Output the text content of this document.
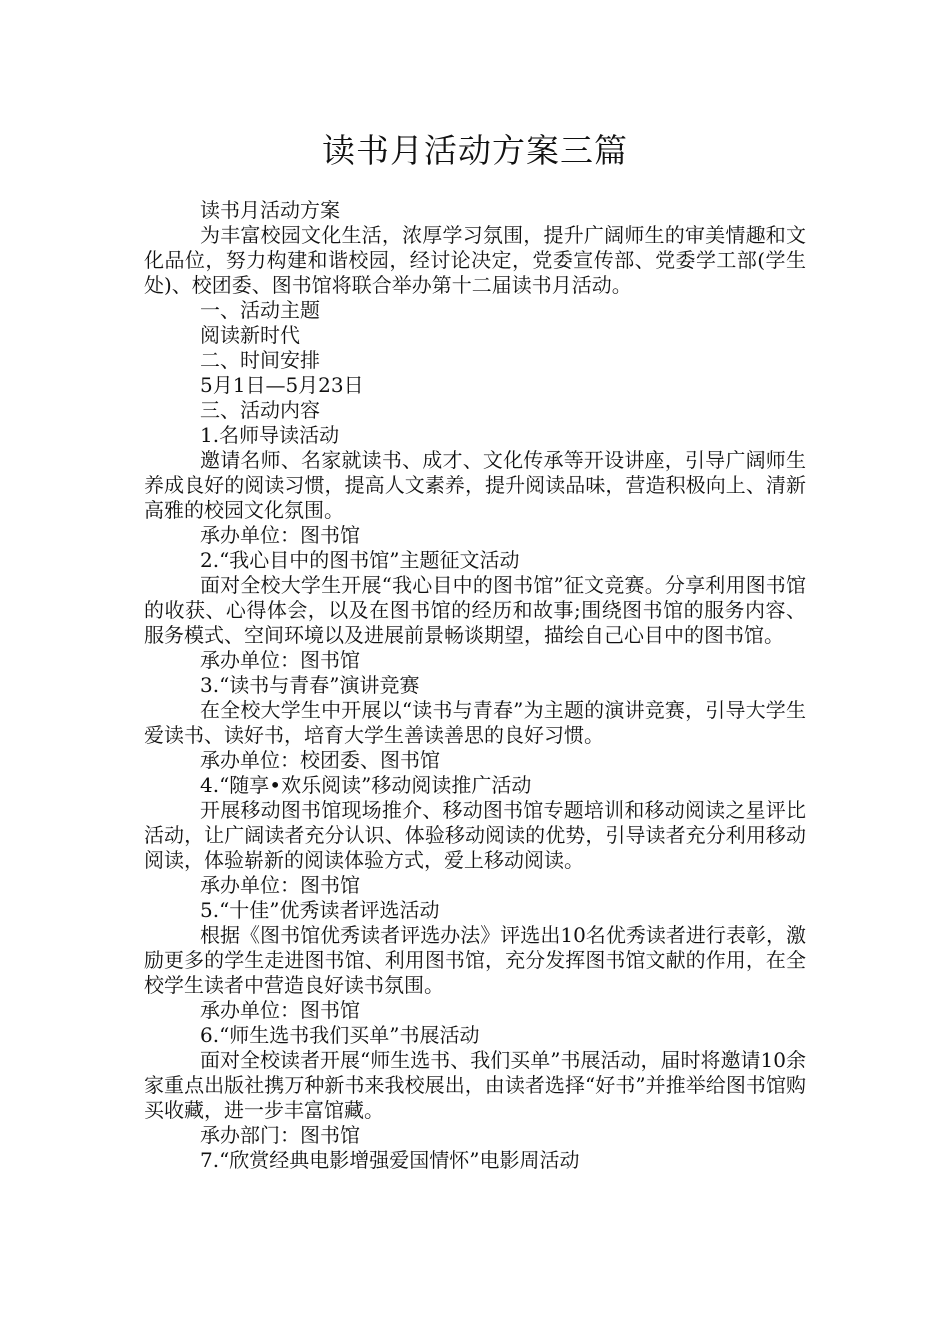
读书月活动方案三篇

读书月活动方案

为丰富校园文化生活，浓厚学习氛围，提升广阔师生的审美情趣和文化品位，努力构建和谐校园，经讨论决定，党委宣传部、党委学工部(学生处)、校团委、图书馆将联合举办第十二届读书月活动。

一、活动主题

阅读新时代

二、时间安排

5月1日—5月23日

三、活动内容

1.名师导读活动

邀请名师、名家就读书、成才、文化传承等开设讲座，引导广阔师生养成良好的阅读习惯，提高人文素养，提升阅读品味，营造积极向上、清新高雅的校园文化氛围。

承办单位：图书馆

2.“我心目中的图书馆”主题征文活动

面对全校大学生开展“我心目中的图书馆”征文竞赛。分享利用图书馆的收获、心得体会，以及在图书馆的经历和故事;围绕图书馆的服务内容、服务模式、空间环境以及进展前景畅谈期望，描绘自己心目中的图书馆。

承办单位：图书馆

3.“读书与青春”演讲竞赛

在全校大学生中开展以“读书与青春”为主题的演讲竞赛，引导大学生爱读书、读好书，培育大学生善读善思的良好习惯。

承办单位：校团委、图书馆

4.“随享•欢乐阅读”移动阅读推广活动

开展移动图书馆现场推介、移动图书馆专题培训和移动阅读之星评比活动，让广阔读者充分认识、体验移动阅读的优势，引导读者充分利用移动阅读，体验崭新的阅读体验方式，爱上移动阅读。

承办单位：图书馆

5.“十佳”优秀读者评选活动

根据《图书馆优秀读者评选办法》评选出10名优秀读者进行表彰，激励更多的学生走进图书馆、利用图书馆，充分发挥图书馆文献的作用，在全校学生读者中营造良好读书氛围。

承办单位：图书馆

6.“师生选书我们买单”书展活动

面对全校读者开展“师生选书、我们买单”书展活动，届时将邀请10余家重点出版社携万种新书来我校展出，由读者选择“好书”并推举给图书馆购买收藏，进一步丰富馆藏。

承办部门：图书馆

7.“欣赏经典电影增强爱国情怀”电影周活动
